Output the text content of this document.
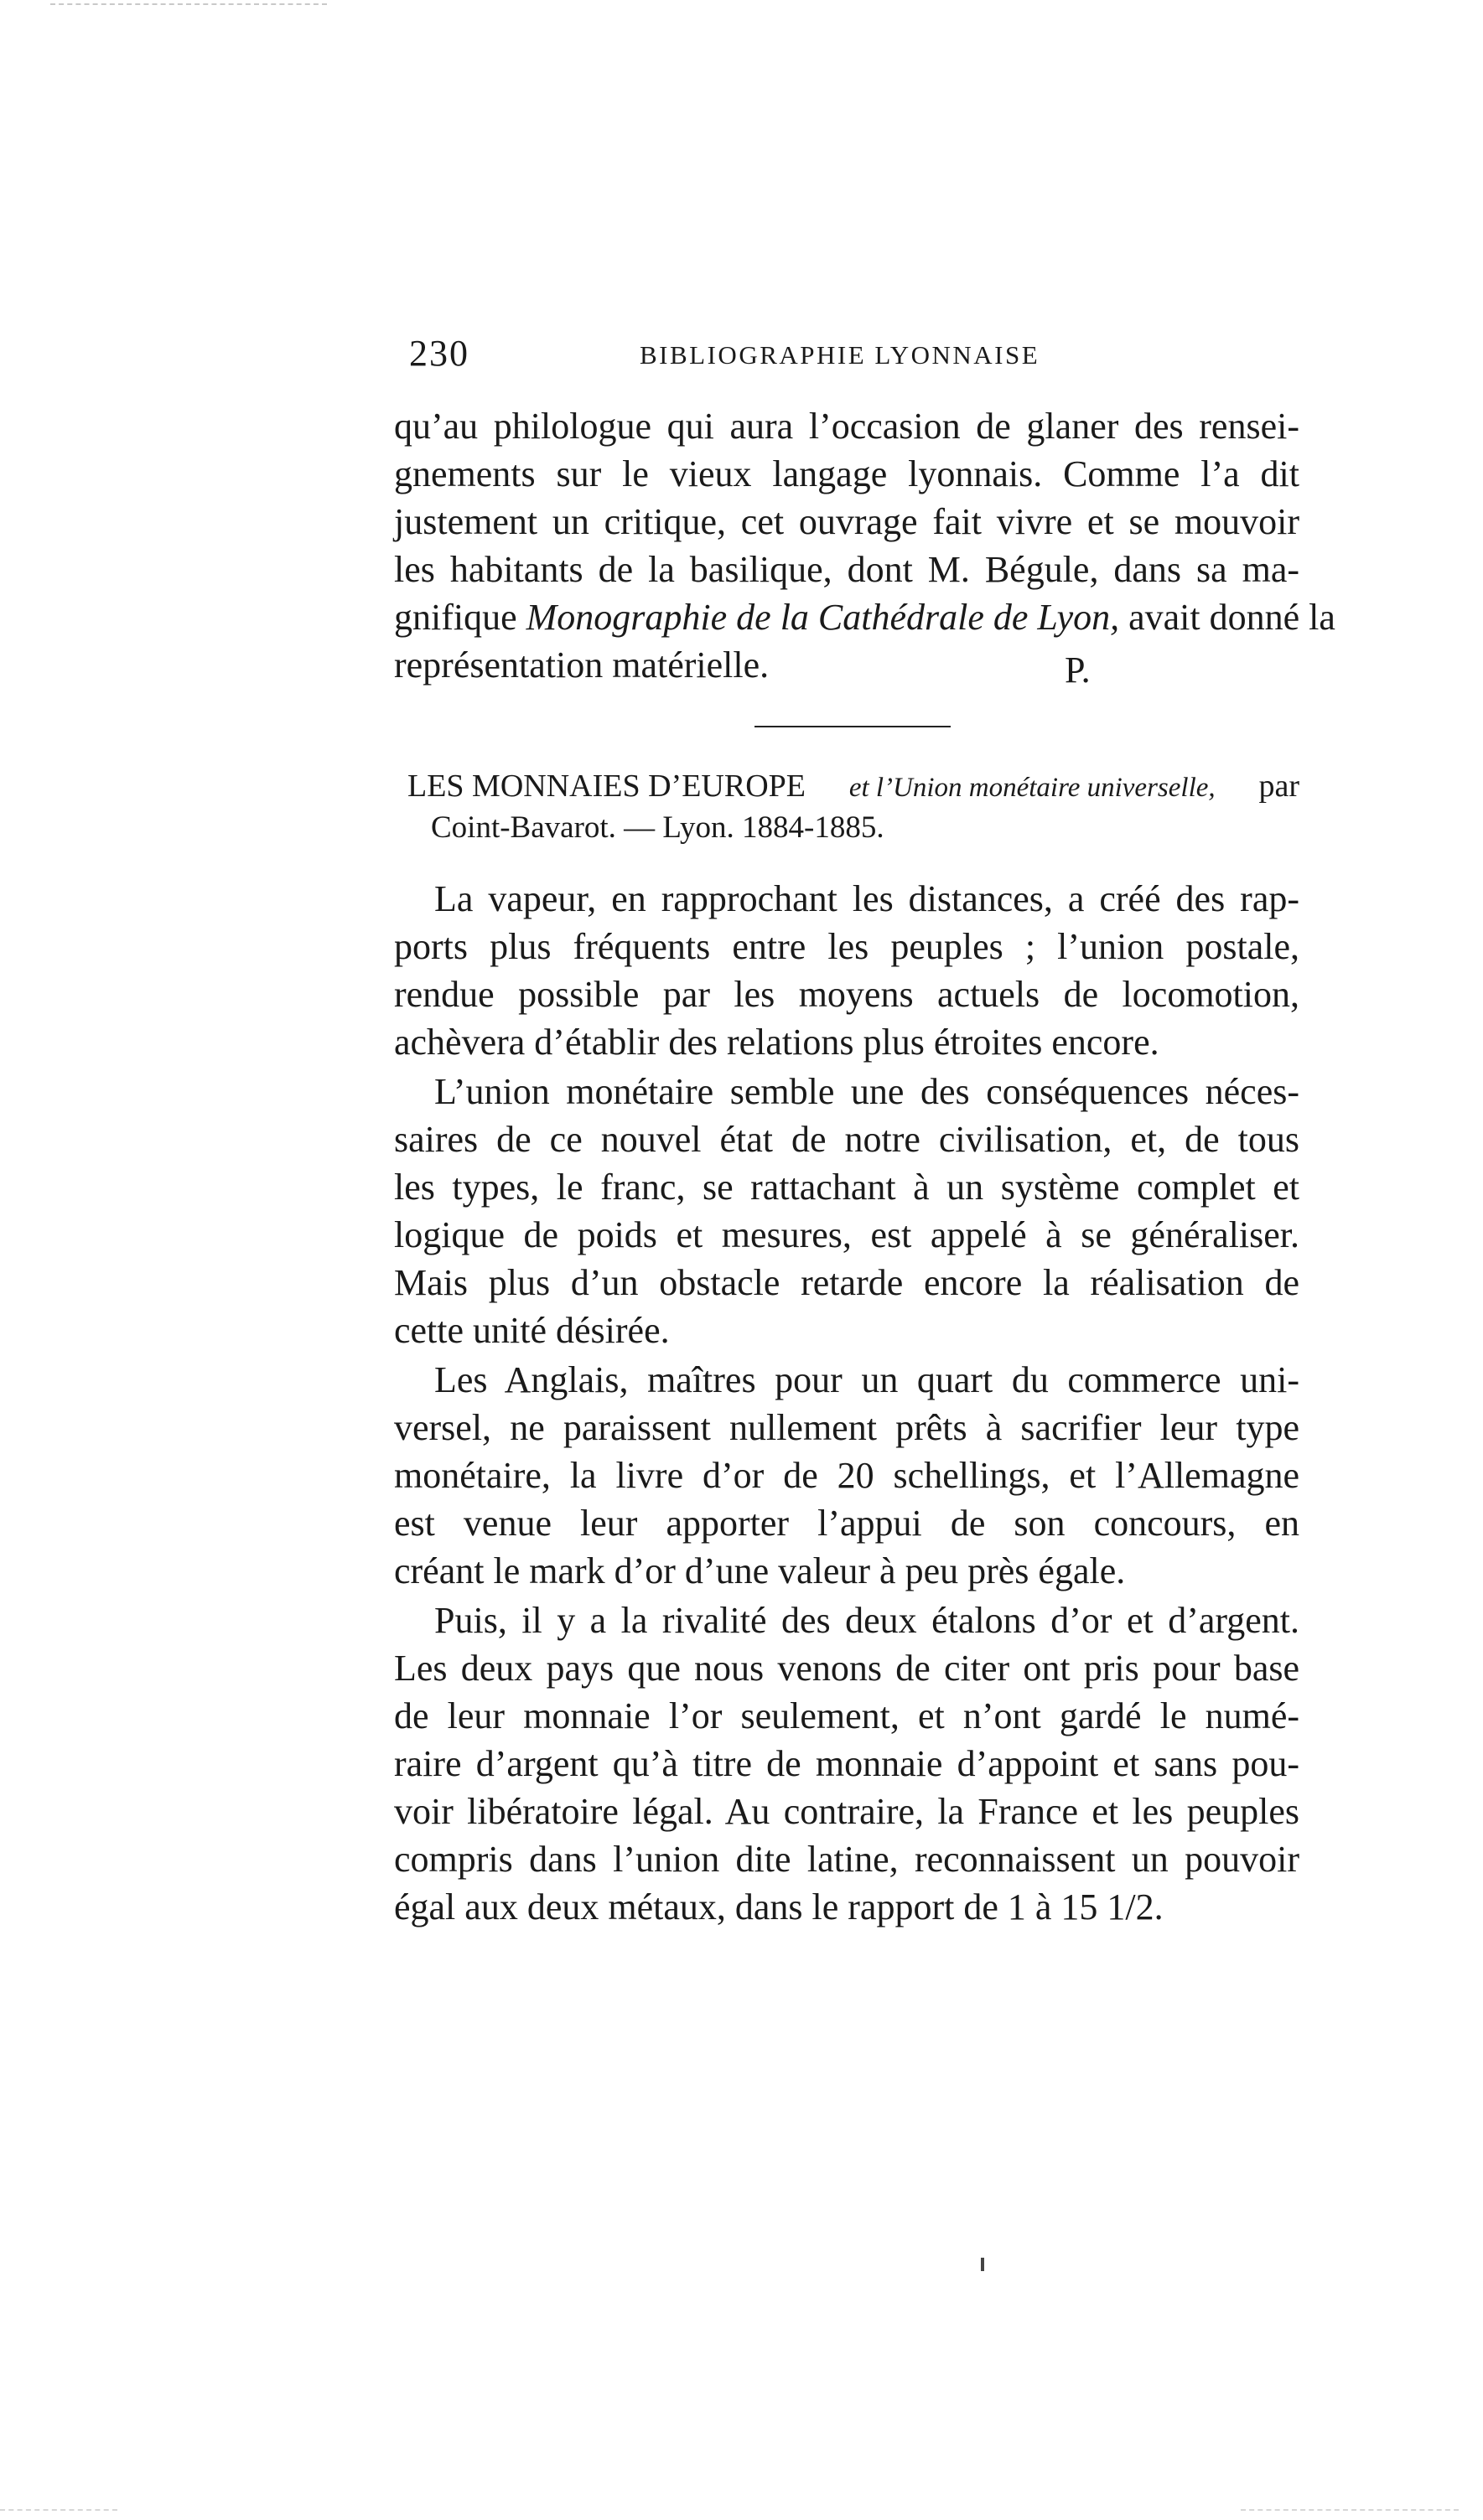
230	BIBLIOGRAPHIE LYONNAISE
qu’au philologue qui aura l’occasion de glaner des rensei-
gnements sur le vieux langage lyonnais. Comme l’a dit
justement un critique, cet ouvrage fait vivre et se mouvoir
les habitants de la basilique, dont M. Bégule, dans sa ma-
gnifique Monographie de la Cathédrale de Lyon, avait donné la
représentation matérielle.	P.
LES MONNAIES D’EUROPE et l’Union monétaire universelle, par
Coint-Bavarot. — Lyon. 1884-1885.
La vapeur, en rapprochant les distances, a créé des rap-
ports plus fréquents entre les peuples ; l’union postale,
rendue possible par les moyens actuels de locomotion,
achèvera d’établir des relations plus étroites encore.
L’union monétaire semble une des conséquences néces-
saires de ce nouvel état de notre civilisation, et, de tous
les types, le franc, se rattachant à un système complet et
logique de poids et mesures, est appelé à se généraliser.
Mais plus d’un obstacle retarde encore la réalisation de
cette unité désirée.
Les Anglais, maîtres pour un quart du commerce uni-
versel, ne paraissent nullement prêts à sacrifier leur type
monétaire, la livre d’or de 20 schellings, et l’Allemagne
est venue leur apporter l’appui de son concours, en
créant le mark d’or d’une valeur à peu près égale.
Puis, il y a la rivalité des deux étalons d’or et d’argent.
Les deux pays que nous venons de citer ont pris pour base
de leur monnaie l’or seulement, et n’ont gardé le numé-
raire d’argent qu’à titre de monnaie d’appoint et sans pou-
voir libératoire légal. Au contraire, la France et les peuples
compris dans l’union dite latine, reconnaissent un pouvoir
égal aux deux métaux, dans le rapport de 1 à 15 1/2.
